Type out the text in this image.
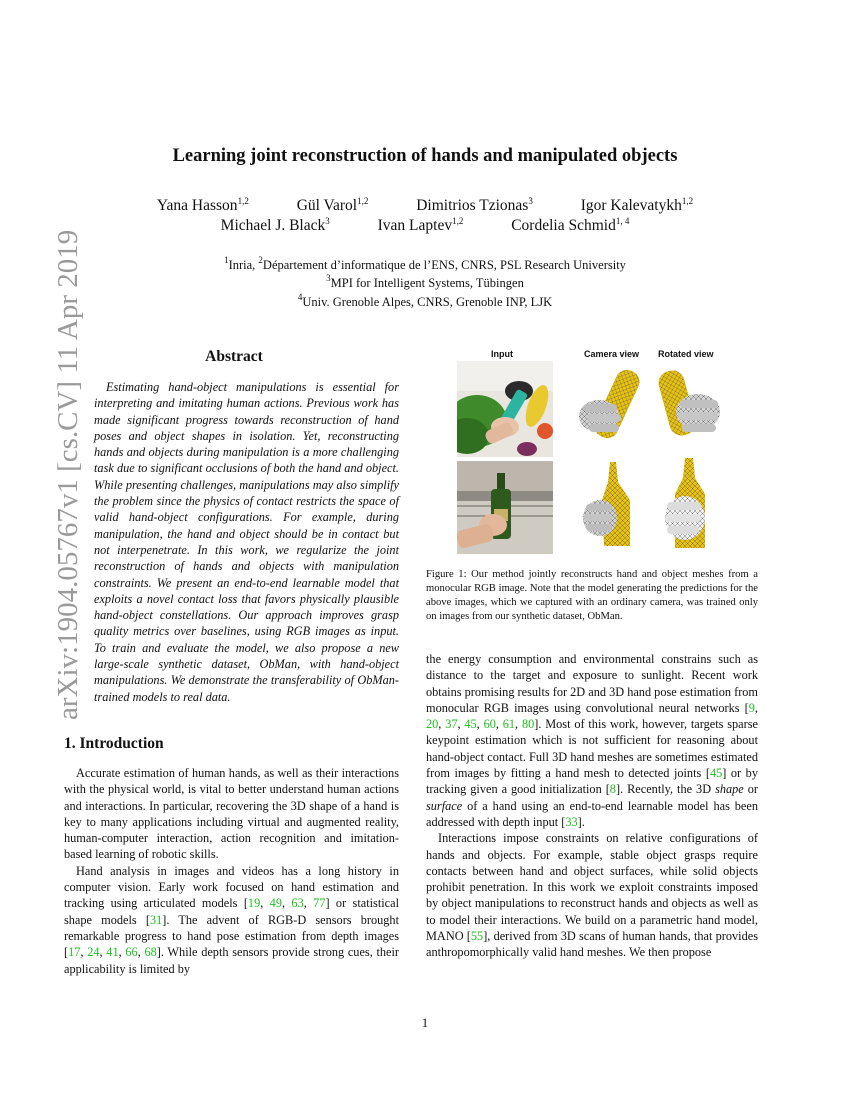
Learning joint reconstruction of hands and manipulated objects
Yana Hasson$^{1,2}$	Gül Varol$^{1,2}$	Dimitrios Tzionas$^3$	Igor Kalevatykh$^{1,2}$
Michael J. Black$^3$	Ivan Laptev$^{1,2}$	Cordelia Schmid$^{1, 4}$
$^1$Inria, $^2$Département d’informatique de l’ENS, CNRS, PSL Research University
$^3$MPI for Intelligent Systems, Tübingen
$^4$Univ. Grenoble Alpes, CNRS, Grenoble INP, LJK
arXiv:1904.05767v1 [cs.CV] 11 Apr 2019	Abstract
Estimating hand-object manipulations is essential for interpreting and imitating human actions. Previous work has made significant progress towards reconstruction of hand poses and object shapes in isolation. Yet, reconstructing hands and objects during manipulation is a more challenging task due to significant occlusions of both the hand and object. While presenting challenges, manipulations may also simplify the problem since the physics of contact restricts the space of valid hand-object configurations. For example, during manipulation, the hand and object should be in contact but not interpenetrate. In this work, we regularize the joint reconstruction of hands and objects with manipulation constraints. We present an end-to-end learnable model that exploits a novel contact loss that favors physically plausible hand-object constellations. Our approach improves grasp quality metrics over baselines, using RGB images as input. To train and evaluate the model, we also propose a new large-scale synthetic dataset, ObMan, with hand-object manipulations. We demonstrate the transferability of ObMan-trained models to real data.
1. Introduction

Accurate estimation of human hands, as well as their interactions with the physical world, is vital to better understand human actions and interactions. In particular, recovering the 3D shape of a hand is key to many applications including virtual and augmented reality, human-computer interaction, action recognition and imitation-based learning of robotic skills.

Hand analysis in images and videos has a long history in computer vision. Early work focused on hand estimation and tracking using articulated models [19, 49, 63, 77] or statistical shape models [31]. The advent of RGB-D sensors brought remarkable progress to hand pose estimation from depth images [17, 24, 41, 66, 68]. While depth sensors provide strong cues, their applicability is limited by

Input	Camera view Rotated view
Figure 1: Our method jointly reconstructs hand and object meshes from a monocular RGB image. Note that the model generating the predictions for the above images, which we captured with an ordinary camera, was trained only on images from our synthetic dataset, ObMan.

the energy consumption and environmental constrains such as distance to the target and exposure to sunlight. Recent work obtains promising results for 2D and 3D hand pose estimation from monocular RGB images using convolutional neural networks [9, 20, 37, 45, 60, 61, 80]. Most of this work, however, targets sparse keypoint estimation which is not sufficient for reasoning about hand-object contact. Full 3D hand meshes are sometimes estimated from images by fitting a hand mesh to detected joints [45] or by tracking given a good initialization [8]. Recently, the 3D shape or surface of a hand using an end-to-end learnable model has been addressed with depth input [33].

Interactions impose constraints on relative configurations of hands and objects. For example, stable object grasps require contacts between hand and object surfaces, while solid objects prohibit penetration. In this work we exploit constraints imposed by object manipulations to reconstruct hands and objects as well as to model their interactions. We build on a parametric hand model, MANO [55], derived from 3D scans of human hands, that provides anthropomorphically valid hand meshes. We then propose

1
